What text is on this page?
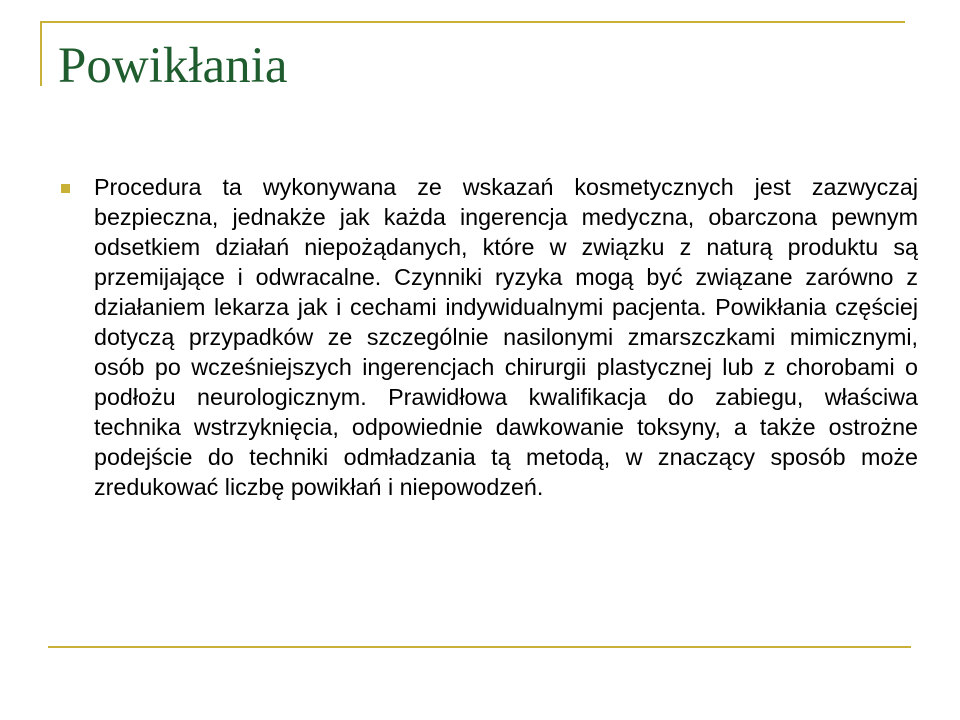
Powikłania
Procedura ta wykonywana ze wskazań kosmetycznych jest zazwyczaj bezpieczna, jednakże jak każda ingerencja medyczna, obarczona pewnym odsetkiem działań niepożądanych, które w związku z naturą produktu są przemijające i odwracalne. Czynniki ryzyka mogą być związane zarówno z działaniem lekarza jak i cechami indywidualnymi pacjenta. Powikłania częściej dotyczą przypadków ze szczególnie nasilonymi zmarszczkami mimicznymi, osób po wcześniejszych ingerencjach chirurgii plastycznej lub z chorobami o podłożu neurologicznym. Prawidłowa kwalifikacja do zabiegu, właściwa technika wstrzyknięcia, odpowiednie dawkowanie toksyny, a także ostrożne podejście do techniki odmładzania tą metodą, w znaczący sposób może zredukować liczbę powikłań i niepowodzeń.
